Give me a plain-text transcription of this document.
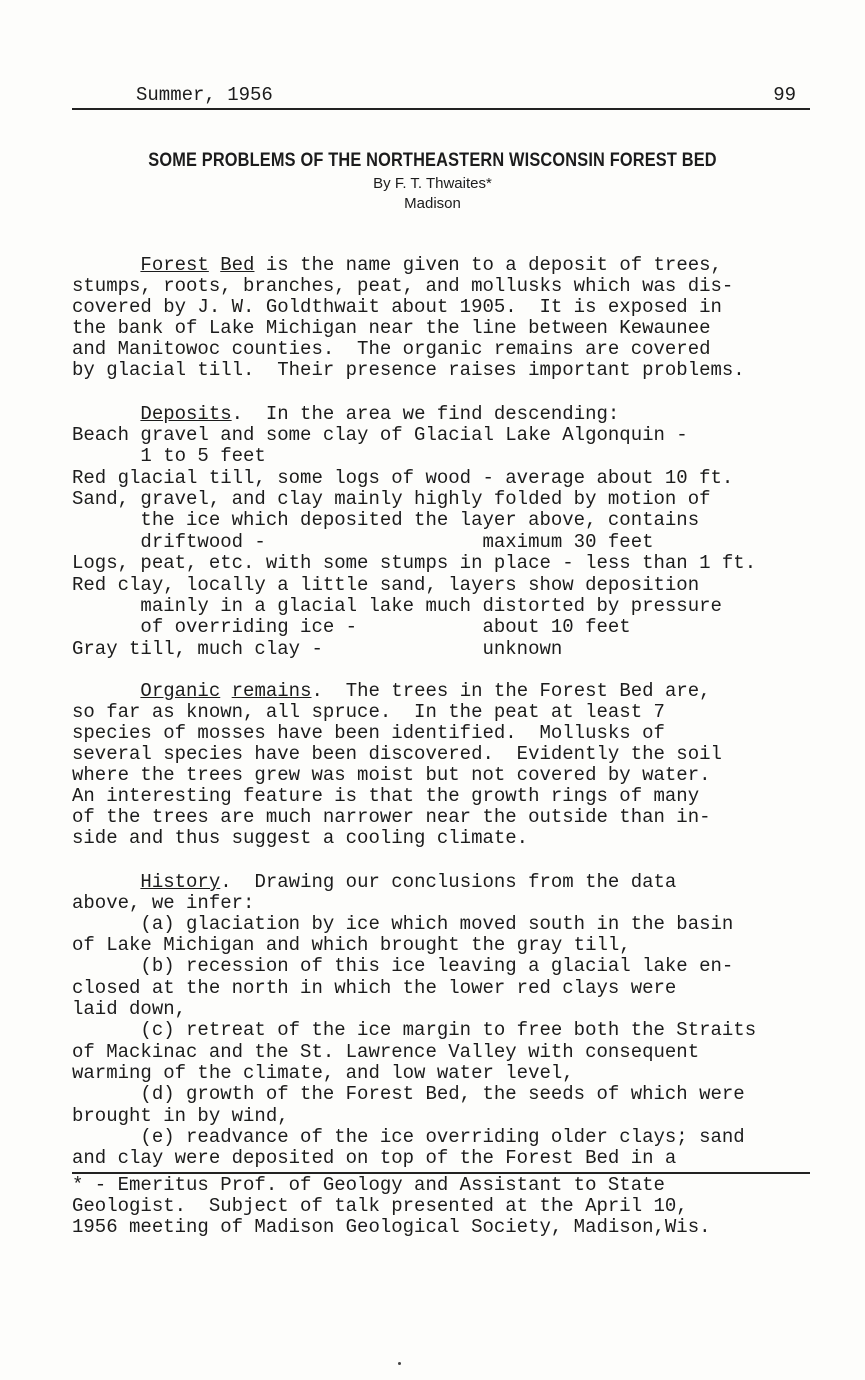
Summer, 1956	99
SOME PROBLEMS OF THE NORTHEASTERN WISCONSIN FOREST BED
By F. T. Thwaites*
Madison
Forest Bed is the name given to a deposit of trees,
stumps, roots, branches, peat, and mollusks which was dis-
covered by J. W. Goldthwait about 1905.  It is exposed in
the bank of Lake Michigan near the line between Kewaunee
and Manitowoc counties.  The organic remains are covered
by glacial till.  Their presence raises important problems.
Deposits.  In the area we find descending:
Beach gravel and some clay of Glacial Lake Algonquin -
1 to 5 feet
Red glacial till, some logs of wood - average about 10 ft.
Sand, gravel, and clay mainly highly folded by motion of
the ice which deposited the layer above, contains
driftwood -                   maximum 30 feet
Logs, peat, etc. with some stumps in place - less than 1 ft.
Red clay, locally a little sand, layers show deposition
mainly in a glacial lake much distorted by pressure
of overriding ice -           about 10 feet
Gray till, much clay -              unknown
Organic remains.  The trees in the Forest Bed are,
so far as known, all spruce.  In the peat at least 7
species of mosses have been identified.  Mollusks of
several species have been discovered.  Evidently the soil
where the trees grew was moist but not covered by water.
An interesting feature is that the growth rings of many
of the trees are much narrower near the outside than in-
side and thus suggest a cooling climate.
History.  Drawing our conclusions from the data
above, we infer:
(a) glaciation by ice which moved south in the basin
of Lake Michigan and which brought the gray till,
(b) recession of this ice leaving a glacial lake en-
closed at the north in which the lower red clays were
laid down,
(c) retreat of the ice margin to free both the Straits
of Mackinac and the St. Lawrence Valley with consequent
warming of the climate, and low water level,
(d) growth of the Forest Bed, the seeds of which were
brought in by wind,
(e) readvance of the ice overriding older clays; sand
and clay were deposited on top of the Forest Bed in a
* - Emeritus Prof. of Geology and Assistant to State
Geologist.  Subject of talk presented at the April 10,
1956 meeting of Madison Geological Society, Madison,Wis.
